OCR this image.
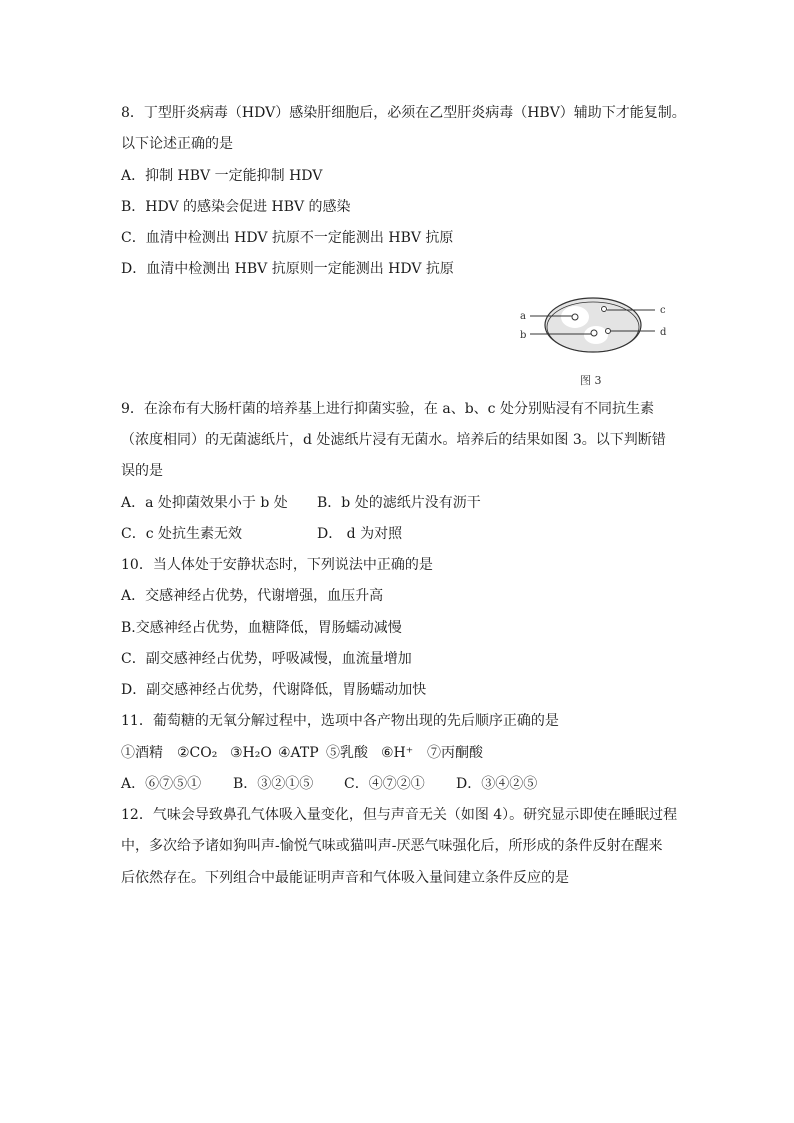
8．丁型肝炎病毒（HDV）感染肝细胞后，必须在乙型肝炎病毒（HBV）辅助下才能复制。
以下论述正确的是
A．抑制 HBV 一定能抑制 HDV
B．HDV 的感染会促进 HBV 的感染
C．血清中检测出 HDV 抗原不一定能测出 HBV 抗原
D．血清中检测出 HBV 抗原则一定能测出 HDV 抗原
a
b
c
d
图 3
9．在涂布有大肠杆菌的培养基上进行抑菌实验，在 a、b、c 处分别贴浸有不同抗生素
（浓度相同）的无菌滤纸片，d 处滤纸片浸有无菌水。培养后的结果如图 3。以下判断错
误的是
A．a 处抑菌效果小于 b 处 B．b 处的滤纸片没有沥干
C．c 处抗生素无效	D． d 为对照
10．当人体处于安静状态时，下列说法中正确的是
A．交感神经占优势，代谢增强，血压升高
B.交感神经占优势，血糖降低，胃肠蠕动减慢
C．副交感神经占优势，呼吸减慢，血流量增加
D．副交感神经占优势，代谢降低，胃肠蠕动加快
11．葡萄糖的无氧分解过程中，选项中各产物出现的先后顺序正确的是
①酒精 ②CO₂ ③H₂O ④ATP ⑤乳酸 ⑥H⁺ ⑦丙酮酸
A．⑥⑦⑤① B．③②①⑤ C．④⑦②① D．③④②⑤
12．气味会导致鼻孔气体吸入量变化，但与声音无关（如图 4）。研究显示即使在睡眠过程
中，多次给予诸如狗叫声-愉悦气味或猫叫声-厌恶气味强化后，所形成的条件反射在醒来
后依然存在。下列组合中最能证明声音和气体吸入量间建立条件反应的是
